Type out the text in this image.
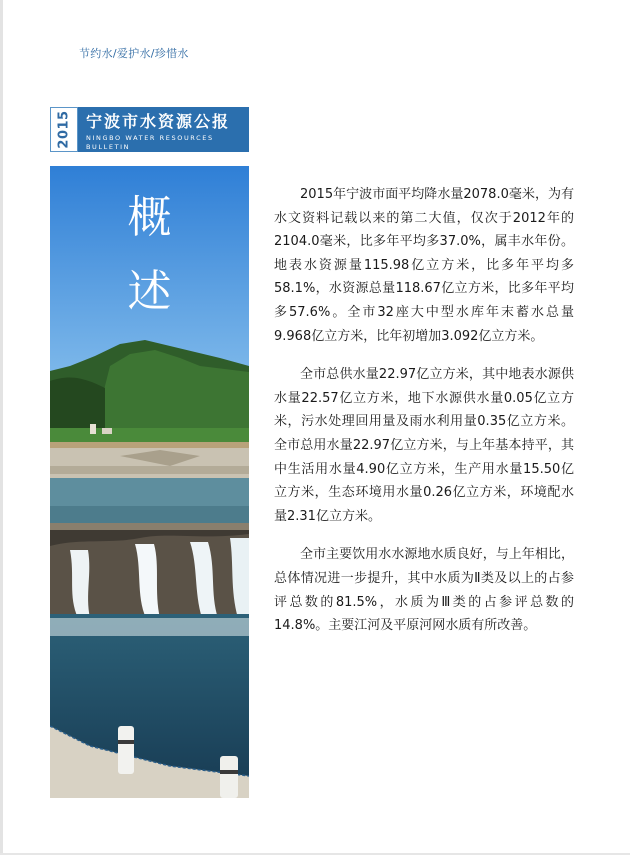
节约水/爱护水/珍惜水
2015 宁波市水资源公报
NINGBO WATER RESOURCES BULLETIN
概
述

2015年宁波市面平均降水量2078.0毫米，为有水文资料记载以来的第二大值，仅次于2012年的2104.0毫米，比多年平均多37.0%，属丰水年份。地表水资源量115.98亿立方米，比多年平均多58.1%，水资源总量118.67亿立方米，比多年平均多57.6%。全市32座大中型水库年末蓄水总量9.968亿立方米，比年初增加3.092亿立方米。

全市总供水量22.97亿立方米，其中地表水源供水量22.57亿立方米，地下水源供水量0.05亿立方米，污水处理回用量及雨水利用量0.35亿立方米。全市总用水量22.97亿立方米，与上年基本持平，其中生活用水量4.90亿立方米，生产用水量15.50亿立方米，生态环境用水量0.26亿立方米，环境配水量2.31亿立方米。

全市主要饮用水水源地水质良好，与上年相比，总体情况进一步提升，其中水质为Ⅱ类及以上的占参评总数的81.5%，水质为Ⅲ类的占参评总数的14.8%。主要江河及平原河网水质有所改善。
